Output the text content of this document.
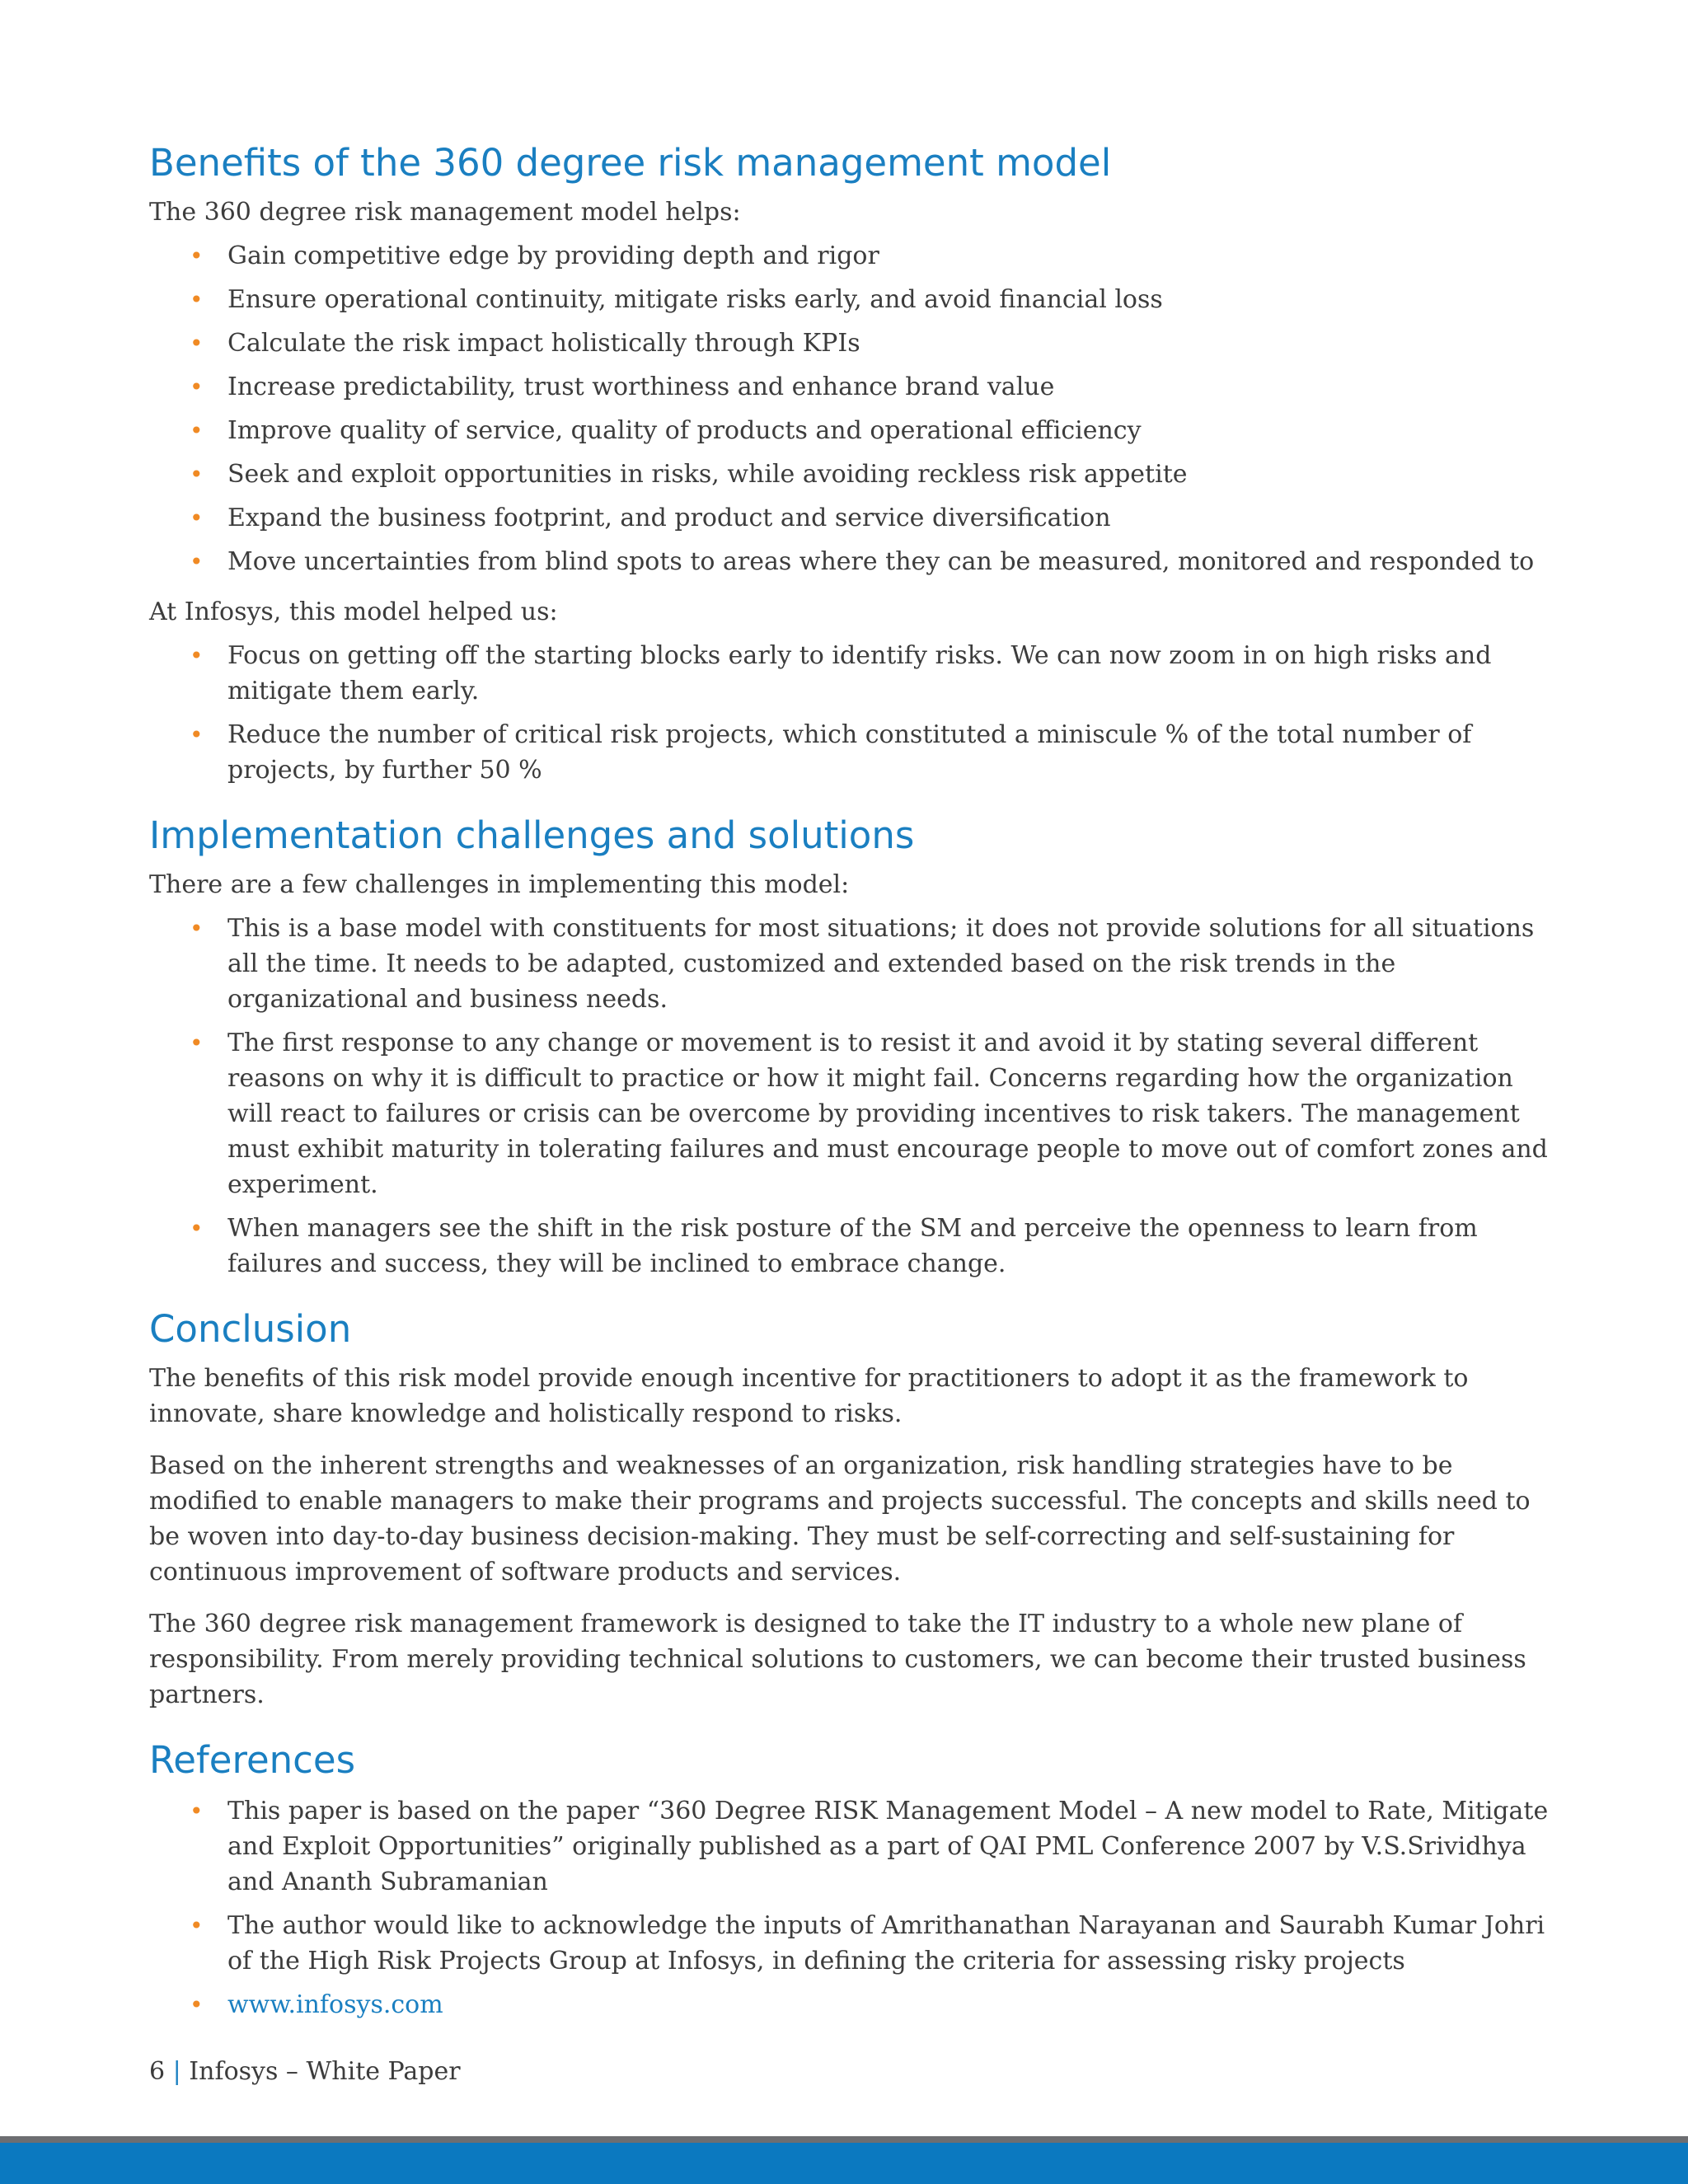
Benefits of the 360 degree risk management model

The 360 degree risk management model helps:

• Gain competitive edge by providing depth and rigor
• Ensure operational continuity, mitigate risks early, and avoid financial loss
• Calculate the risk impact holistically through KPIs
• Increase predictability, trust worthiness and enhance brand value
• Improve quality of service, quality of products and operational efficiency
• Seek and exploit opportunities in risks, while avoiding reckless risk appetite
• Expand the business footprint, and product and service diversification
• Move uncertainties from blind spots to areas where they can be measured, monitored and responded to

At Infosys, this model helped us:

• Focus on getting off the starting blocks early to identify risks. We can now zoom in on high risks and mitigate them early.
• Reduce the number of critical risk projects, which constituted a miniscule % of the total number of projects, by further 50 %
Implementation challenges and solutions

There are a few challenges in implementing this model:

• This is a base model with constituents for most situations; it does not provide solutions for all situations all the time. It needs to be adapted, customized and extended based on the risk trends in the organizational and business needs.
• The first response to any change or movement is to resist it and avoid it by stating several different reasons on why it is difficult to practice or how it might fail. Concerns regarding how the organization will react to failures or crisis can be overcome by providing incentives to risk takers. The management must exhibit maturity in tolerating failures and must encourage people to move out of comfort zones and experiment.
• When managers see the shift in the risk posture of the SM and perceive the openness to learn from failures and success, they will be inclined to embrace change.
Conclusion

The benefits of this risk model provide enough incentive for practitioners to adopt it as the framework to innovate, share knowledge and holistically respond to risks.

Based on the inherent strengths and weaknesses of an organization, risk handling strategies have to be modified to enable managers to make their programs and projects successful. The concepts and skills need to be woven into day-to-day business decision-making. They must be self-correcting and self-sustaining for continuous improvement of software products and services.

The 360 degree risk management framework is designed to take the IT industry to a whole new plane of responsibility. From merely providing technical solutions to customers, we can become their trusted business partners.

References
• This paper is based on the paper “360 Degree RISK Management Model – A new model to Rate, Mitigate and Exploit Opportunities” originally published as a part of QAI PML Conference 2007 by V.S.Srividhya and Ananth Subramanian
• The author would like to acknowledge the inputs of Amrithanathan Narayanan and Saurabh Kumar Johri of the High Risk Projects Group at Infosys, in defining the criteria for assessing risky projects
• www.infosys.com
6 | Infosys – White Paper
